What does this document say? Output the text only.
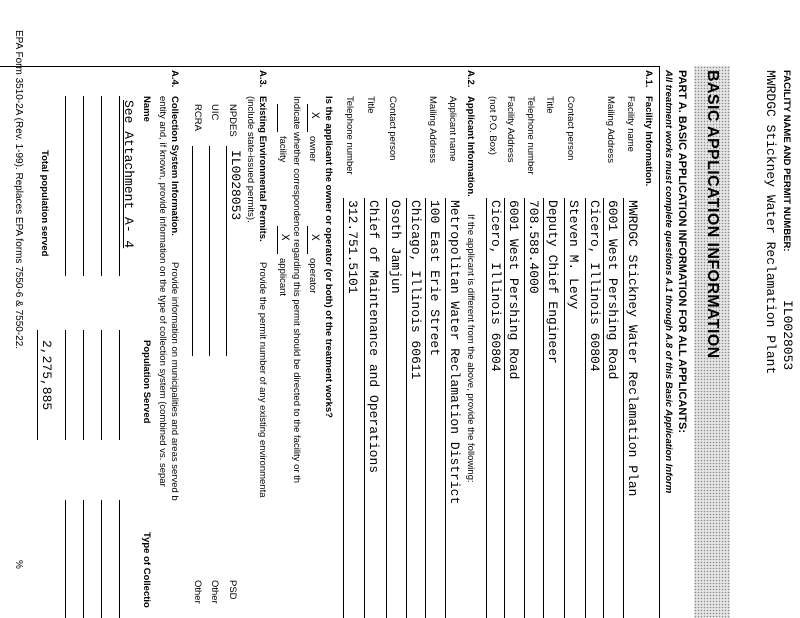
FACILITY NAME AND PERMIT NUMBER:
IL0028053
MWRDGC Stickney Water Reclamation Plant
BASIC APPLICATION INFORMATION
PART A. BASIC APPLICATION INFORMATION FOR ALL APPLICANTS:
All treatment works must complete questions A.1 through A.8 of this Basic Application Inform
A.1.
Facility Information.
Facility name
MWRDGC Stickney Water Reclamation Plan
Mailing Address
6001 West Pershing Road
Cicero, Illinois 60804
Contact person
Steven M. Levy
Title
Deputy Chief Engineer
Telephone number
708.588.4000
Facility Address
6001 West Pershing Road
(not P.O. Box)
Cicero, Illinois 60804
A.2.
Applicant Information.
If the applicant is different from the above, provide the following:
Applicant name
Metropolitan Water Reclamation District
Mailing Address
100 East Erie Street
Chicago, Illinois 60611
Contact person
Osoth Jamjun
Title
Chief of Maintenance and Operations
Telephone number
312.751.5101
Is the applicant the owner or operator (or both) of the treatment works?
X
owner
X
operator
Indicate whether correspondence regarding this permit should be directed to the facility or th
facility
X
applicant
A.3.
Existing Environmental Permits.
Provide the permit number of any existing environmenta
(include state-issued permits).
NPDES
IL0028053
UIC
RCRA
PSD
Other
Other
A.4.
Collection System Information.
Provide information on municipalities and areas served b
entity and, if known, provide information on the type of collection system (combined vs. separ
Name
Population Served
Type of Collectio
See Attachment A- 4
Total population served
2,275,885
EPA Form 3510-2A (Rev. 1-99). Replaces EPA forms 7550-6 & 7550-22.
%
